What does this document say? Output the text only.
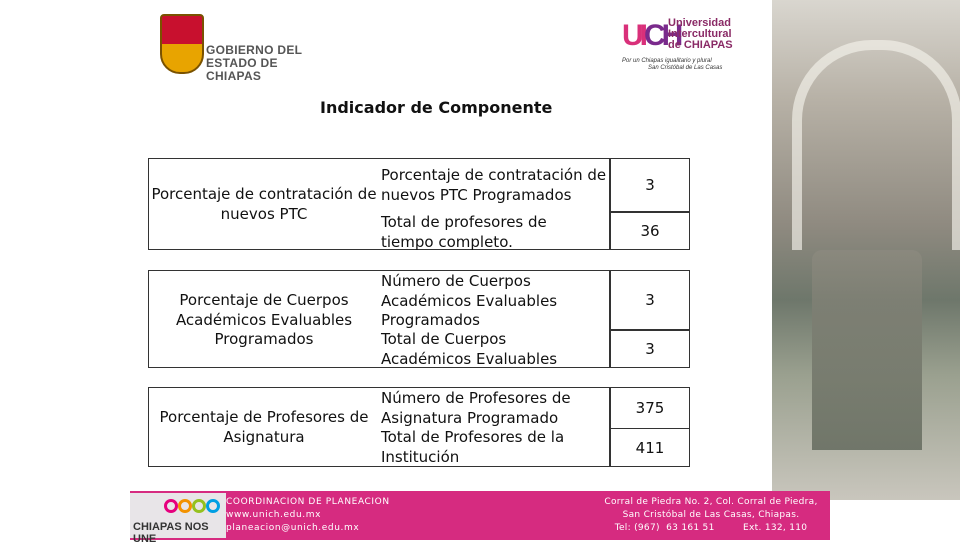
GOBIERNO DEL
ESTADO DE CHIAPAS
UICH
Universidad
Intercultural
de CHIAPAS
Por un Chiapas igualitario y plural
San Cristóbal de Las Casas
Indicador de Componente
Porcentaje de contratación de nuevos PTC
Porcentaje de contratación de nuevos PTC Programados
Total de profesores de tiempo completo.
3
36
Porcentaje de Cuerpos Académicos Evaluables Programados
Número de Cuerpos Académicos Evaluables Programados
Total de Cuerpos Académicos Evaluables
3
3
Porcentaje de Profesores de Asignatura
Número de Profesores de Asignatura Programado
Total de Profesores de la Institución
375
411
CHIAPAS NOS UNE
COORDINACION DE PLANEACION
www.unich.edu.mx
planeacion@unich.edu.mx
Corral de Piedra No. 2, Col. Corral de Piedra,
San Cristóbal de Las Casas, Chiapas.
Tel: (967)  63 161 51         Ext. 132, 110
